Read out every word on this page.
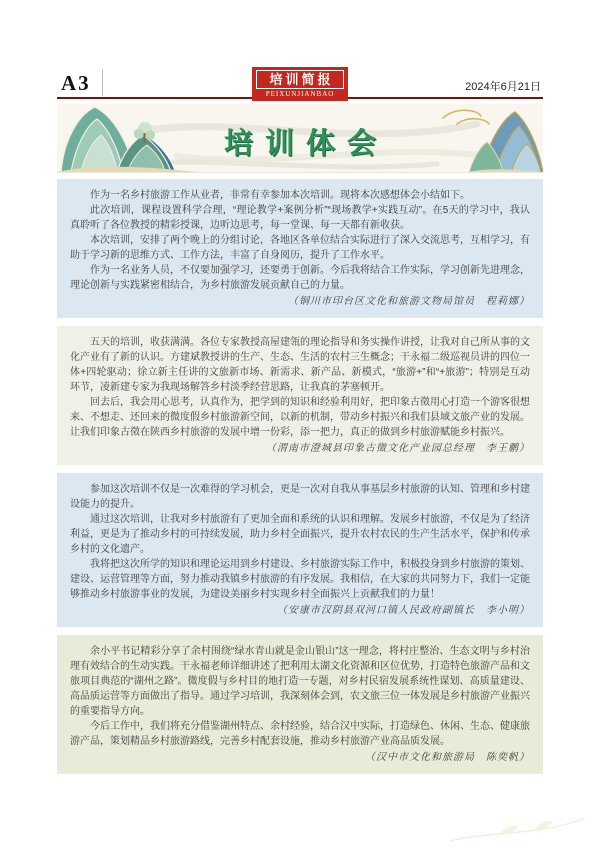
A3	培训简报
PEIXUNJIANBAO
2024年6月21日
培训体会

作为一名乡村旅游工作从业者，非常有幸参加本次培训。现将本次感想体会小结如下。

此次培训，课程设置科学合理，“理论教学+案例分析”“现场教学+实践互动”。在5天的学习中，我认真聆听了各位教授的精彩授课，边听边思考，每一堂课、每一天都有新收获。

本次培训，安排了两个晚上的分组讨论，各地区各单位结合实际进行了深入交流思考，互相学习，有助于学习新的思维方式、工作方法，丰富了自身阅历，提升了工作水平。

作为一名业务人员，不仅要加强学习，还要勇于创新。今后我将结合工作实际，学习创新先进理念，理论创新与实践紧密相结合，为乡村旅游发展贡献自己的力量。

（铜川市印台区文化和旅游文物局馆员　程莉娜）

五天的培训，收获满满。各位专家教授高屋建瓴的理论指导和务实操作讲授，让我对自己所从事的文化产业有了新的认识。方建斌教授讲的生产、生态、生活的农村三生概念；干永福二级巡视员讲的四位一体+四轮驱动；徐立新主任讲的文旅新市场、新需求、新产品、新模式，“旅游+”和“+旅游”；特别是互动环节，凌新建专家为我现场解答乡村淡季经营思路，让我真的茅塞顿开。

回去后，我会用心思考，认真作为，把学到的知识和经验利用好，把印象古徵用心打造一个游客很想来、不想走、还回来的微度假乡村旅游新空间，以新的机制，带动乡村振兴和我们县域文旅产业的发展。让我们印象古徵在陕西乡村旅游的发展中增一份彩，添一把力，真正的做到乡村旅游赋能乡村振兴。

（渭南市澄城县印象古徵文化产业园总经理　李王鹏）

参加这次培训不仅是一次难得的学习机会，更是一次对自我从事基层乡村旅游的认知、管理和乡村建设能力的提升。

通过这次培训，让我对乡村旅游有了更加全面和系统的认识和理解。发展乡村旅游，不仅是为了经济利益，更是为了推动乡村的可持续发展，助力乡村全面振兴，提升农村农民的生产生活水平，保护和传承乡村的文化遗产。

我将把这次所学的知识和理论运用到乡村建设、乡村旅游实际工作中，积极投身到乡村旅游的策划、建设、运营管理等方面，努力推动我镇乡村旅游的有序发展。我相信，在大家的共同努力下，我们一定能够推动乡村旅游事业的发展，为建设美丽乡村实现乡村全面振兴上贡献我们的力量！

（安康市汉阴县双河口镇人民政府副镇长　李小明）

余小平书记精彩分享了余村围绕“绿水青山就是金山银山”这一理念，将村庄整治、生态文明与乡村治理有效结合的生动实践。干永福老师详细讲述了把利用太湖文化资源和区位优势，打造特色旅游产品和文旅项目典范的“湖州之路”。微度假与乡村目的地打造一专题，对乡村民宿发展系统性谋划、高质量建设、高品质运营等方面做出了指导。通过学习培训，我深刻体会到，农文旅三位一体发展是乡村旅游产业振兴的重要指导方向。

今后工作中，我们将充分借鉴湖州特点、余村经验，结合汉中实际，打造绿色、休闲、生态、健康旅游产品，策划精品乡村旅游路线，完善乡村配套设施，推动乡村旅游产业高品质发展。

（汉中市文化和旅游局　陈奕帆）
